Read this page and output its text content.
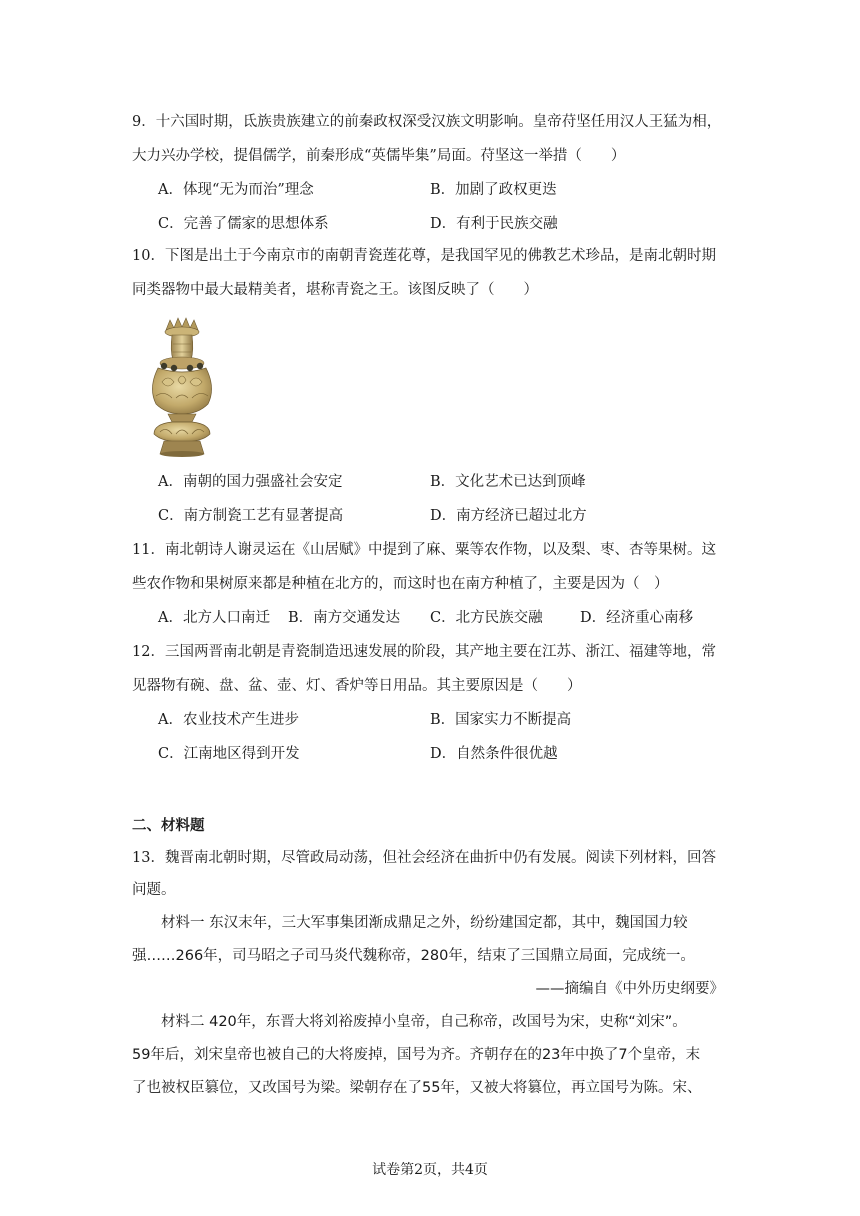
9．十六国时期，氐族贵族建立的前秦政权深受汉族文明影响。皇帝苻坚任用汉人王猛为相，
大力兴办学校，提倡儒学，前秦形成“英儒毕集”局面。苻坚这一举措（　　）
A．体现“无为而治”理念	B．加剧了政权更迭
C．完善了儒家的思想体系	D．有利于民族交融
10．下图是出土于今南京市的南朝青瓷莲花尊，是我国罕见的佛教艺术珍品，是南北朝时期
同类器物中最大最精美者，堪称青瓷之王。该图反映了（　　）
A．南朝的国力强盛社会安定	B．文化艺术已达到顶峰
C．南方制瓷工艺有显著提高	D．南方经济已超过北方
11．南北朝诗人谢灵运在《山居赋》中提到了麻、粟等农作物，以及梨、枣、杏等果树。这
些农作物和果树原来都是种植在北方的，而这时也在南方种植了，主要是因为（　）
A．北方人口南迁 B．南方交通发达 C．北方民族交融	D．经济重心南移
12．三国两晋南北朝是青瓷制造迅速发展的阶段，其产地主要在江苏、浙江、福建等地，常
见器物有碗、盘、盆、壶、灯、香炉等日用品。其主要原因是（　　）
A．农业技术产生进步	B．国家实力不断提高
C．江南地区得到开发	D．自然条件很优越
二、材料题
13．魏晋南北朝时期，尽管政局动荡，但社会经济在曲折中仍有发展。阅读下列材料，回答
问题。
　　材料一 东汉末年，三大军事集团渐成鼎足之外，纷纷建国定都，其中，魏国国力较
强……266年，司马昭之子司马炎代魏称帝，280年，结束了三国鼎立局面，完成统一。
——摘编自《中外历史纲要》
　　材料二 420年，东晋大将刘裕废掉小皇帝，自己称帝，改国号为宋，史称“刘宋”。
59年后，刘宋皇帝也被自己的大将废掉，国号为齐。齐朝存在的23年中换了7个皇帝，末
了也被权臣篡位，又改国号为梁。梁朝存在了55年，又被大将篡位，再立国号为陈。宋、
试卷第2页，共4页
